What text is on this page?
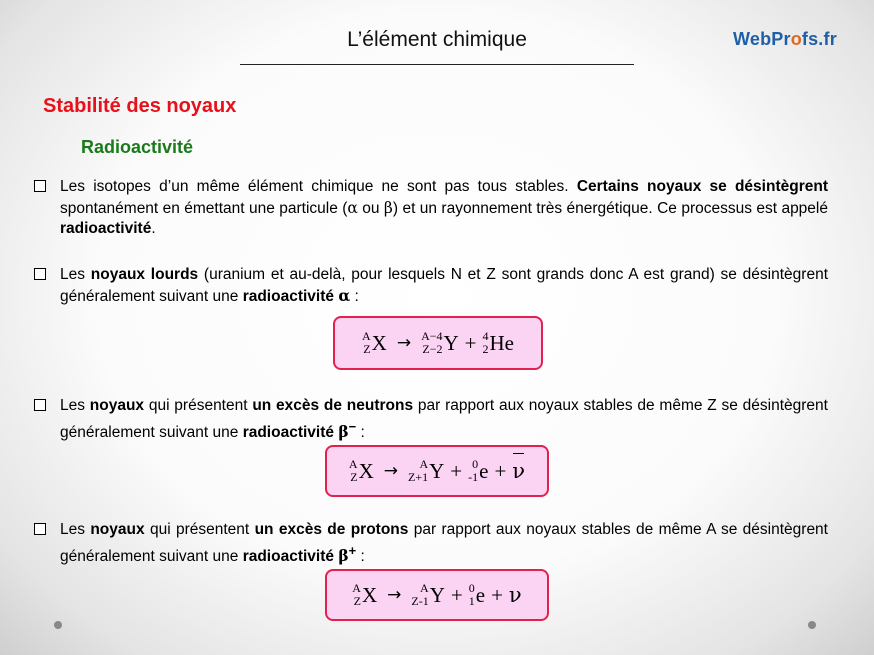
L’élément chimique	WebProfs.fr
Stabilité des noyaux
Radioactivité
Les isotopes d’un même élément chimique ne sont pas tous stables. Certains noyaux se désintègrent spontanément en émettant une particule (α ou β) et un rayonnement très énergétique. Ce processus est appelé radioactivité.
Les noyaux lourds (uranium et au-delà, pour lesquels N et Z sont grands donc A est grand) se désintègrent généralement suivant une radioactivité α :
A
Z X → A−4
Z−2 Y + 4
2 He
Les noyaux qui présentent un excès de neutrons par rapport aux noyaux stables de même Z se désintègrent généralement suivant une radioactivité β− :
A
Z X →	A
Z+1 Y + 0
-1 e + ν
Les noyaux qui présentent un excès de protons par rapport aux noyaux stables de même A se désintègrent généralement suivant une radioactivité β+ :
A
Z X →	A
Z-1 Y + 0
1 e + ν
